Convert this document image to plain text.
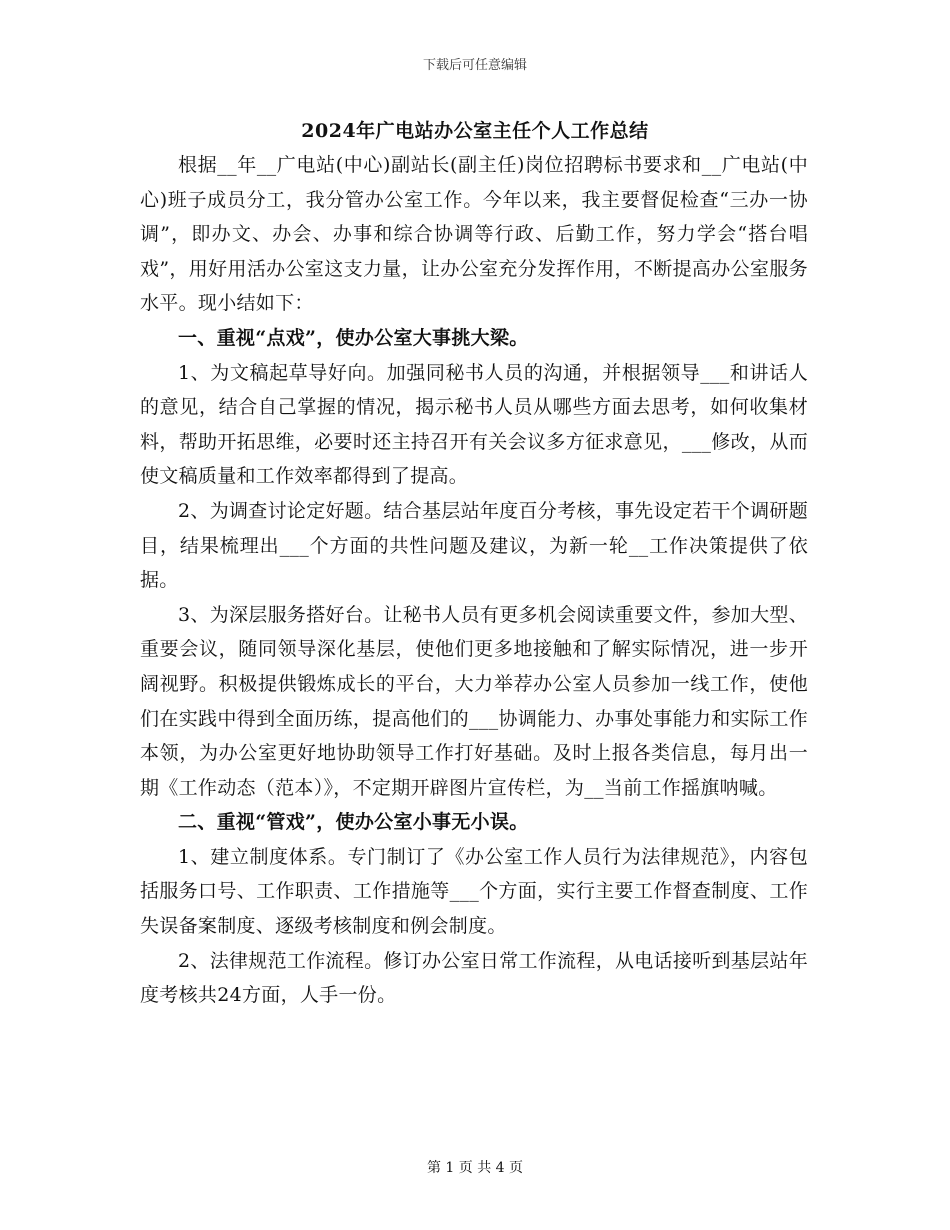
下载后可任意编辑
2024年广电站办公室主任个人工作总结

根据__年__广电站(中心)副站长(副主任)岗位招聘标书要求和__广电站(中心)班子成员分工，我分管办公室工作。今年以来，我主要督促检查“三办一协调”，即办文、办会、办事和综合协调等行政、后勤工作，努力学会“搭台唱戏”，用好用活办公室这支力量，让办公室充分发挥作用，不断提高办公室服务水平。现小结如下：

一、重视“点戏”，使办公室大事挑大梁。

1、为文稿起草导好向。加强同秘书人员的沟通，并根据领导___和讲话人的意见，结合自己掌握的情况，揭示秘书人员从哪些方面去思考，如何收集材料，帮助开拓思维，必要时还主持召开有关会议多方征求意见，___修改，从而使文稿质量和工作效率都得到了提高。

2、为调查讨论定好题。结合基层站年度百分考核，事先设定若干个调研题目，结果梳理出___个方面的共性问题及建议，为新一轮__工作决策提供了依据。

3、为深层服务搭好台。让秘书人员有更多机会阅读重要文件，参加大型、重要会议，随同领导深化基层，使他们更多地接触和了解实际情况，进一步开阔视野。积极提供锻炼成长的平台，大力举荐办公室人员参加一线工作，使他们在实践中得到全面历练，提高他们的___协调能力、办事处事能力和实际工作本领，为办公室更好地协助领导工作打好基础。及时上报各类信息，每月出一期《工作动态（范本）》，不定期开辟图片宣传栏，为__当前工作摇旗呐喊。

二、重视“管戏”，使办公室小事无小误。

1、建立制度体系。专门制订了《办公室工作人员行为法律规范》，内容包括服务口号、工作职责、工作措施等___个方面，实行主要工作督查制度、工作失误备案制度、逐级考核制度和例会制度。

2、法律规范工作流程。修订办公室日常工作流程，从电话接听到基层站年度考核共24方面，人手一份。

第 1 页 共 4 页
